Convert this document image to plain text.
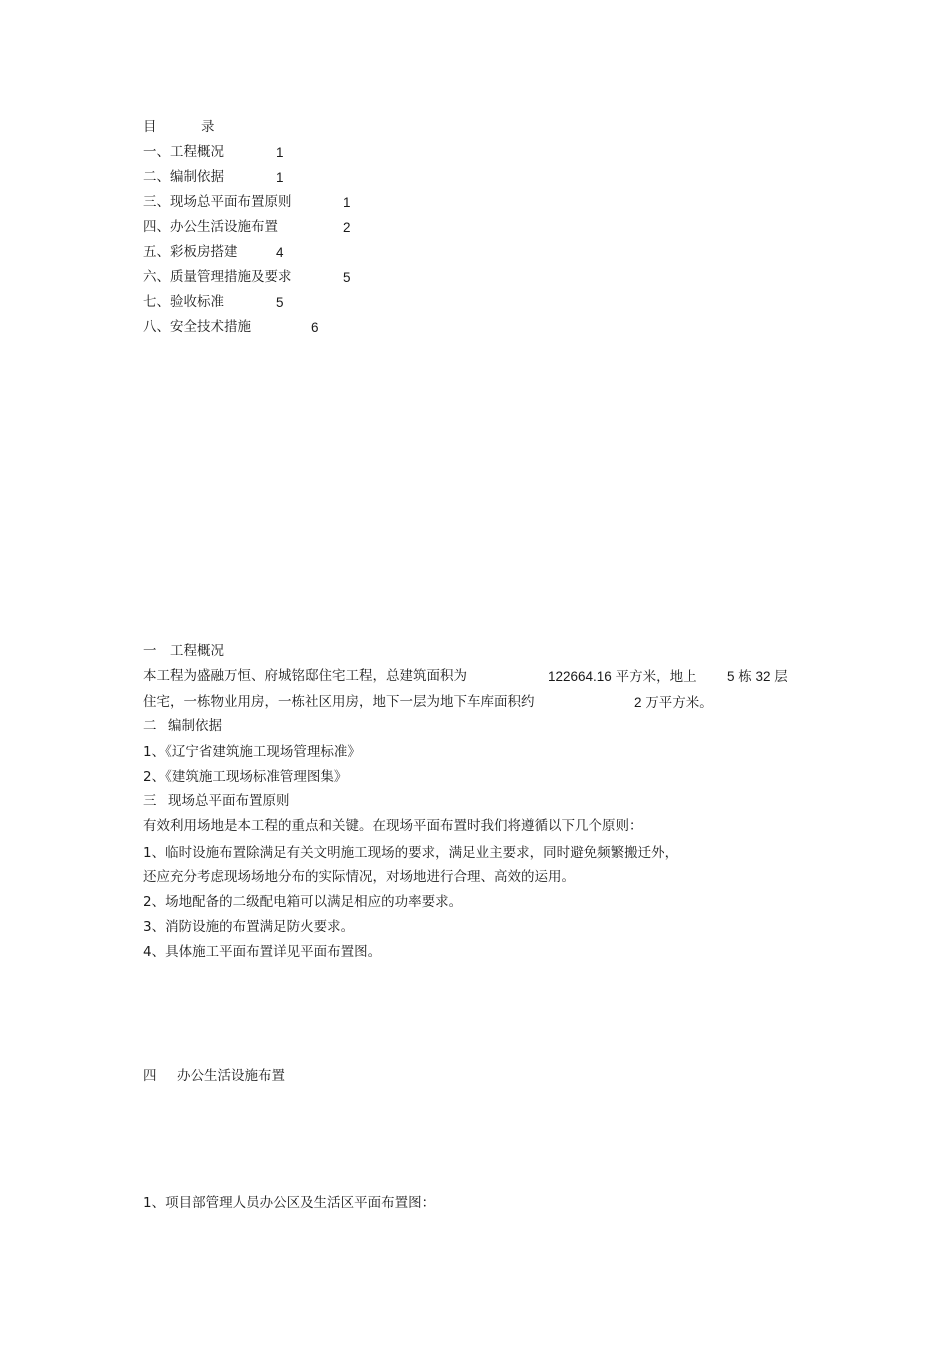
目	录
一、工程概况	1
二、编制依据	1
三、现场总平面布置原则	1
四、办公生活设施布置	2
五、彩板房搭建	4
六、质量管理措施及要求	5
七、验收标准	5
八、安全技术措施	6
一 工程概况
本工程为盛融万恒、府城铭邸住宅工程，总建筑面积为	122664.16 平方米，地上 5 栋 32 层
住宅，一栋物业用房，一栋社区用房，地下一层为地下车库面积约	2 万平方米。
二 编制依据
1、《辽宁省建筑施工现场管理标准》
2、《建筑施工现场标准管理图集》
三 现场总平面布置原则
有效利用场地是本工程的重点和关键。在现场平面布置时我们将遵循以下几个原则：
1、临时设施布置除满足有关文明施工现场的要求，满足业主要求，同时避免频繁搬迁外，
还应充分考虑现场场地分布的实际情况，对场地进行合理、高效的运用。
2、场地配备的二级配电箱可以满足相应的功率要求。
3、消防设施的布置满足防火要求。
4、具体施工平面布置详见平面布置图。
四 办公生活设施布置
1、项目部管理人员办公区及生活区平面布置图：
